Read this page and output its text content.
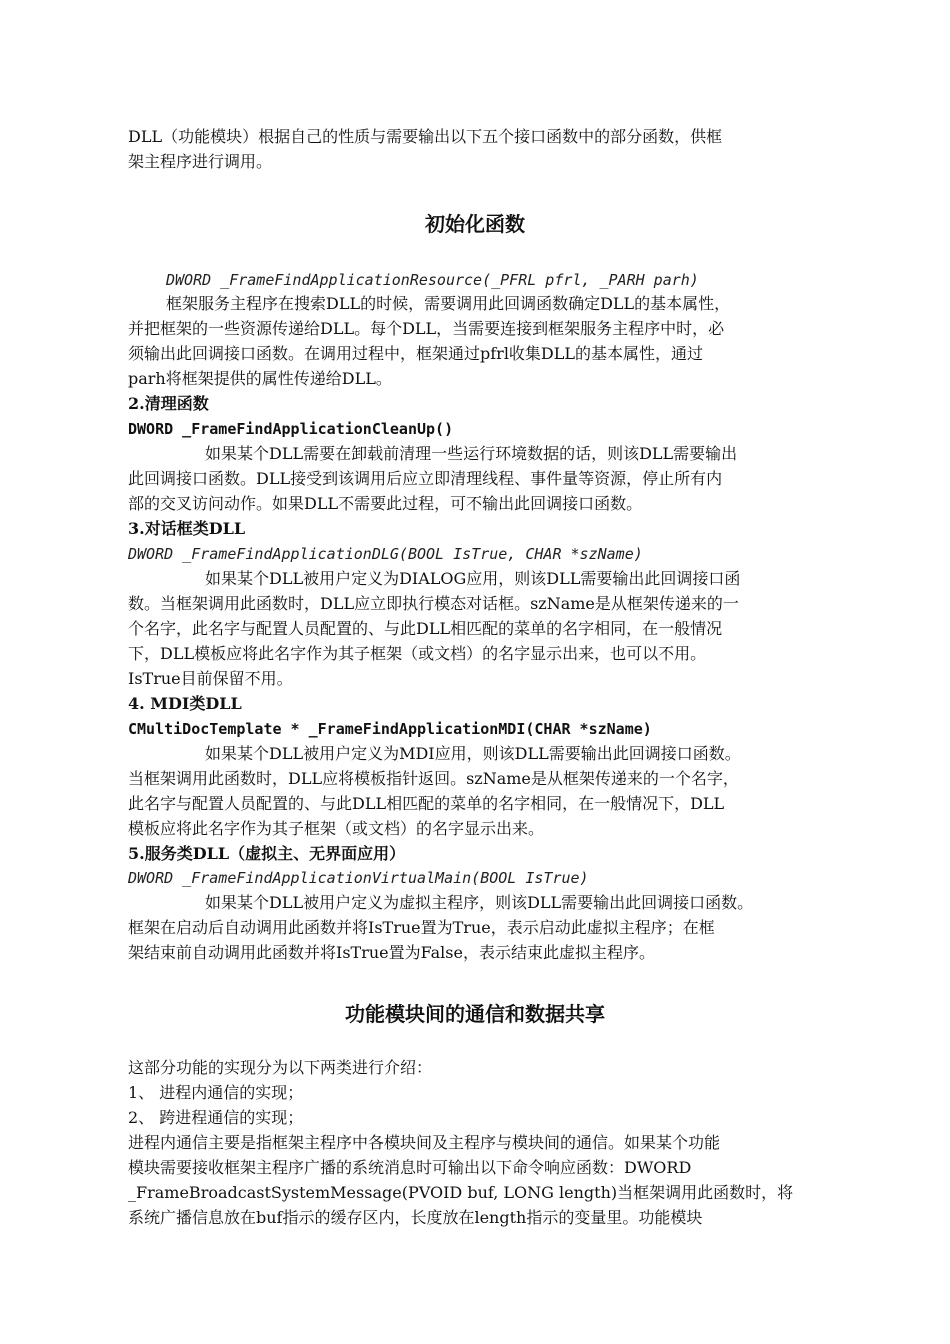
DLL（功能模块）根据自己的性质与需要输出以下五个接口函数中的部分函数，供框
架主程序进行调用。
初始化函数
DWORD _FrameFindApplicationResource(_PFRL pfrl, _PARH parh)
框架服务主程序在搜索DLL的时候，需要调用此回调函数确定DLL的基本属性，
并把框架的一些资源传递给DLL。每个DLL，当需要连接到框架服务主程序中时，必
须输出此回调接口函数。在调用过程中，框架通过pfrl收集DLL的基本属性，通过
parh将框架提供的属性传递给DLL。
2.清理函数
DWORD _FrameFindApplicationCleanUp()
如果某个DLL需要在卸载前清理一些运行环境数据的话，则该DLL需要输出
此回调接口函数。DLL接受到该调用后应立即清理线程、事件量等资源，停止所有内
部的交叉访问动作。如果DLL不需要此过程，可不输出此回调接口函数。
3.对话框类DLL
DWORD _FrameFindApplicationDLG(BOOL IsTrue, CHAR *szName)
如果某个DLL被用户定义为DIALOG应用，则该DLL需要输出此回调接口函
数。当框架调用此函数时，DLL应立即执行模态对话框。szName是从框架传递来的一
个名字，此名字与配置人员配置的、与此DLL相匹配的菜单的名字相同，在一般情况
下，DLL模板应将此名字作为其子框架（或文档）的名字显示出来，也可以不用。
IsTrue目前保留不用。
4. MDI类DLL
CMultiDocTemplate * _FrameFindApplicationMDI(CHAR *szName)
如果某个DLL被用户定义为MDI应用，则该DLL需要输出此回调接口函数。
当框架调用此函数时，DLL应将模板指针返回。szName是从框架传递来的一个名字，
此名字与配置人员配置的、与此DLL相匹配的菜单的名字相同，在一般情况下，DLL
模板应将此名字作为其子框架（或文档）的名字显示出来。
5.服务类DLL（虚拟主、无界面应用）
DWORD _FrameFindApplicationVirtualMain(BOOL IsTrue)
如果某个DLL被用户定义为虚拟主程序，则该DLL需要输出此回调接口函数。
框架在启动后自动调用此函数并将IsTrue置为True，表示启动此虚拟主程序；在框
架结束前自动调用此函数并将IsTrue置为False，表示结束此虚拟主程序。
功能模块间的通信和数据共享
这部分功能的实现分为以下两类进行介绍：
1、 进程内通信的实现；
2、 跨进程通信的实现；
进程内通信主要是指框架主程序中各模块间及主程序与模块间的通信。如果某个功能
模块需要接收框架主程序广播的系统消息时可输出以下命令响应函数：DWORD
_FrameBroadcastSystemMessage(PVOID buf, LONG length)当框架调用此函数时，将
系统广播信息放在buf指示的缓存区内，长度放在length指示的变量里。功能模块
